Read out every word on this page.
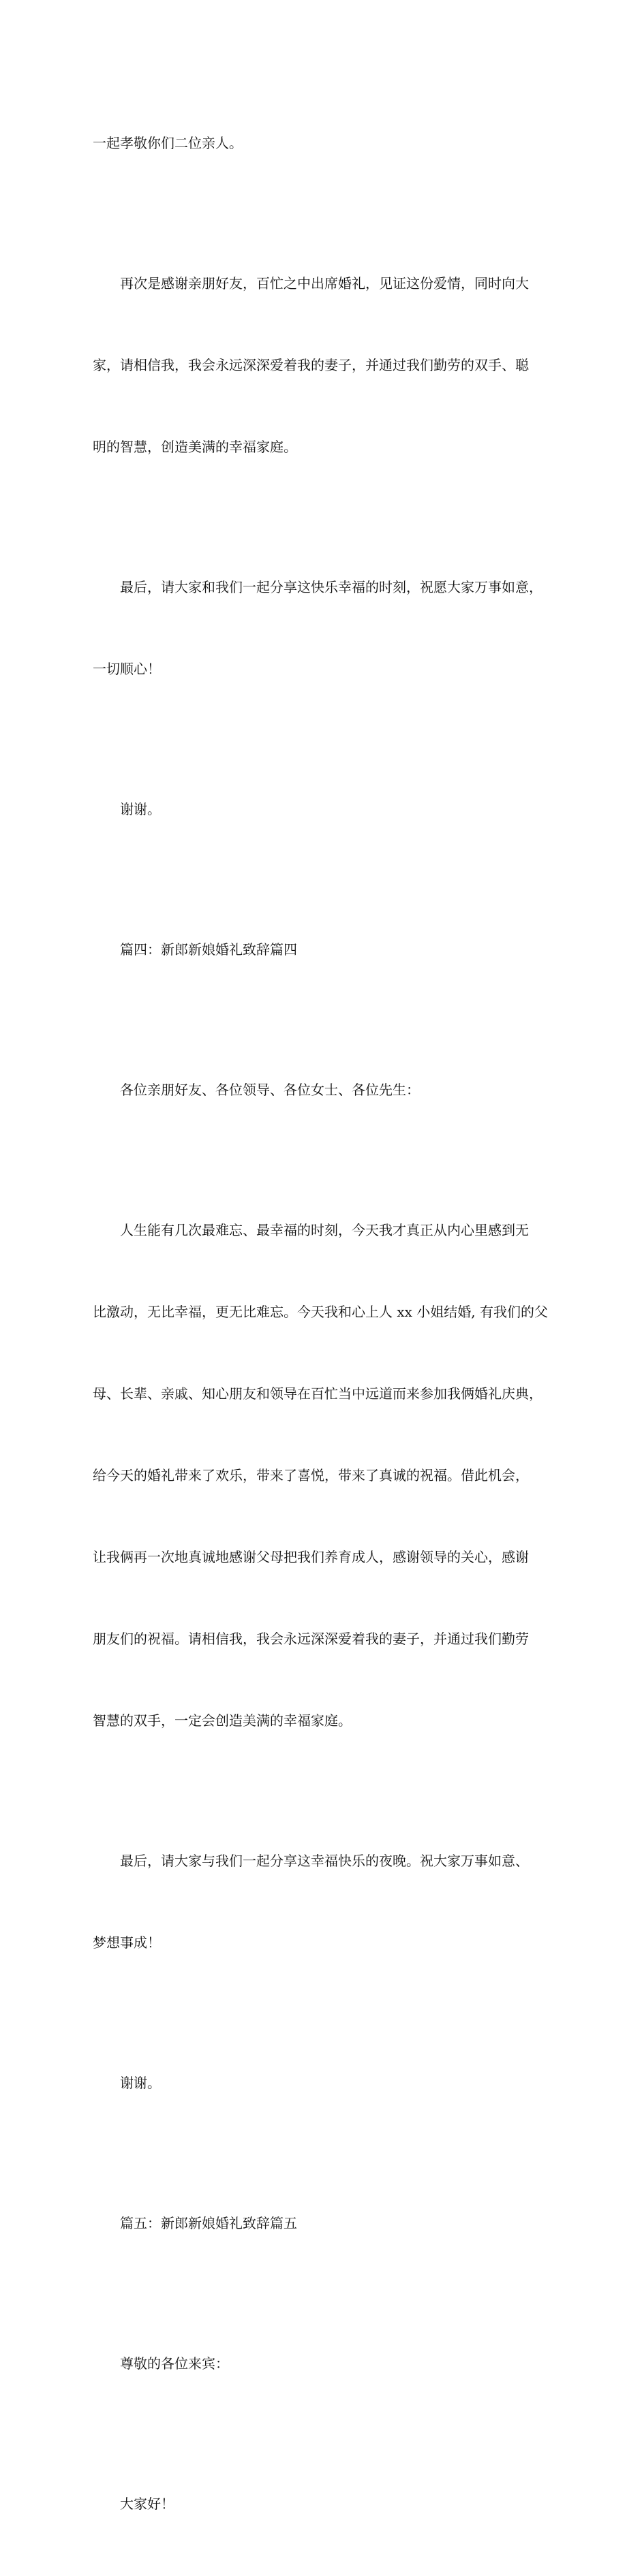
一起孝敬你们二位亲人。

再次是感谢亲朋好友，百忙之中出席婚礼，见证这份爱情，同时向大

家，请相信我，我会永远深深爱着我的妻子，并通过我们勤劳的双手、聪

明的智慧，创造美满的幸福家庭。

最后，请大家和我们一起分享这快乐幸福的时刻，祝愿大家万事如意，

一切顺心！

谢谢。

篇四：新郎新娘婚礼致辞篇四

各位亲朋好友、各位领导、各位女士、各位先生：

人生能有几次最难忘、最幸福的时刻，今天我才真正从内心里感到无

比激动，无比幸福，更无比难忘。今天我和心上人 xx 小姐结婚, 有我们的父

母、长辈、亲戚、知心朋友和领导在百忙当中远道而来参加我俩婚礼庆典，

给今天的婚礼带来了欢乐，带来了喜悦，带来了真诚的祝福。借此机会，

让我俩再一次地真诚地感谢父母把我们养育成人，感谢领导的关心，感谢

朋友们的祝福。请相信我，我会永远深深爱着我的妻子，并通过我们勤劳

智慧的双手，一定会创造美满的幸福家庭。

最后，请大家与我们一起分享这幸福快乐的夜晚。祝大家万事如意、

梦想事成！

谢谢。

篇五：新郎新娘婚礼致辞篇五

尊敬的各位来宾：

大家好！
